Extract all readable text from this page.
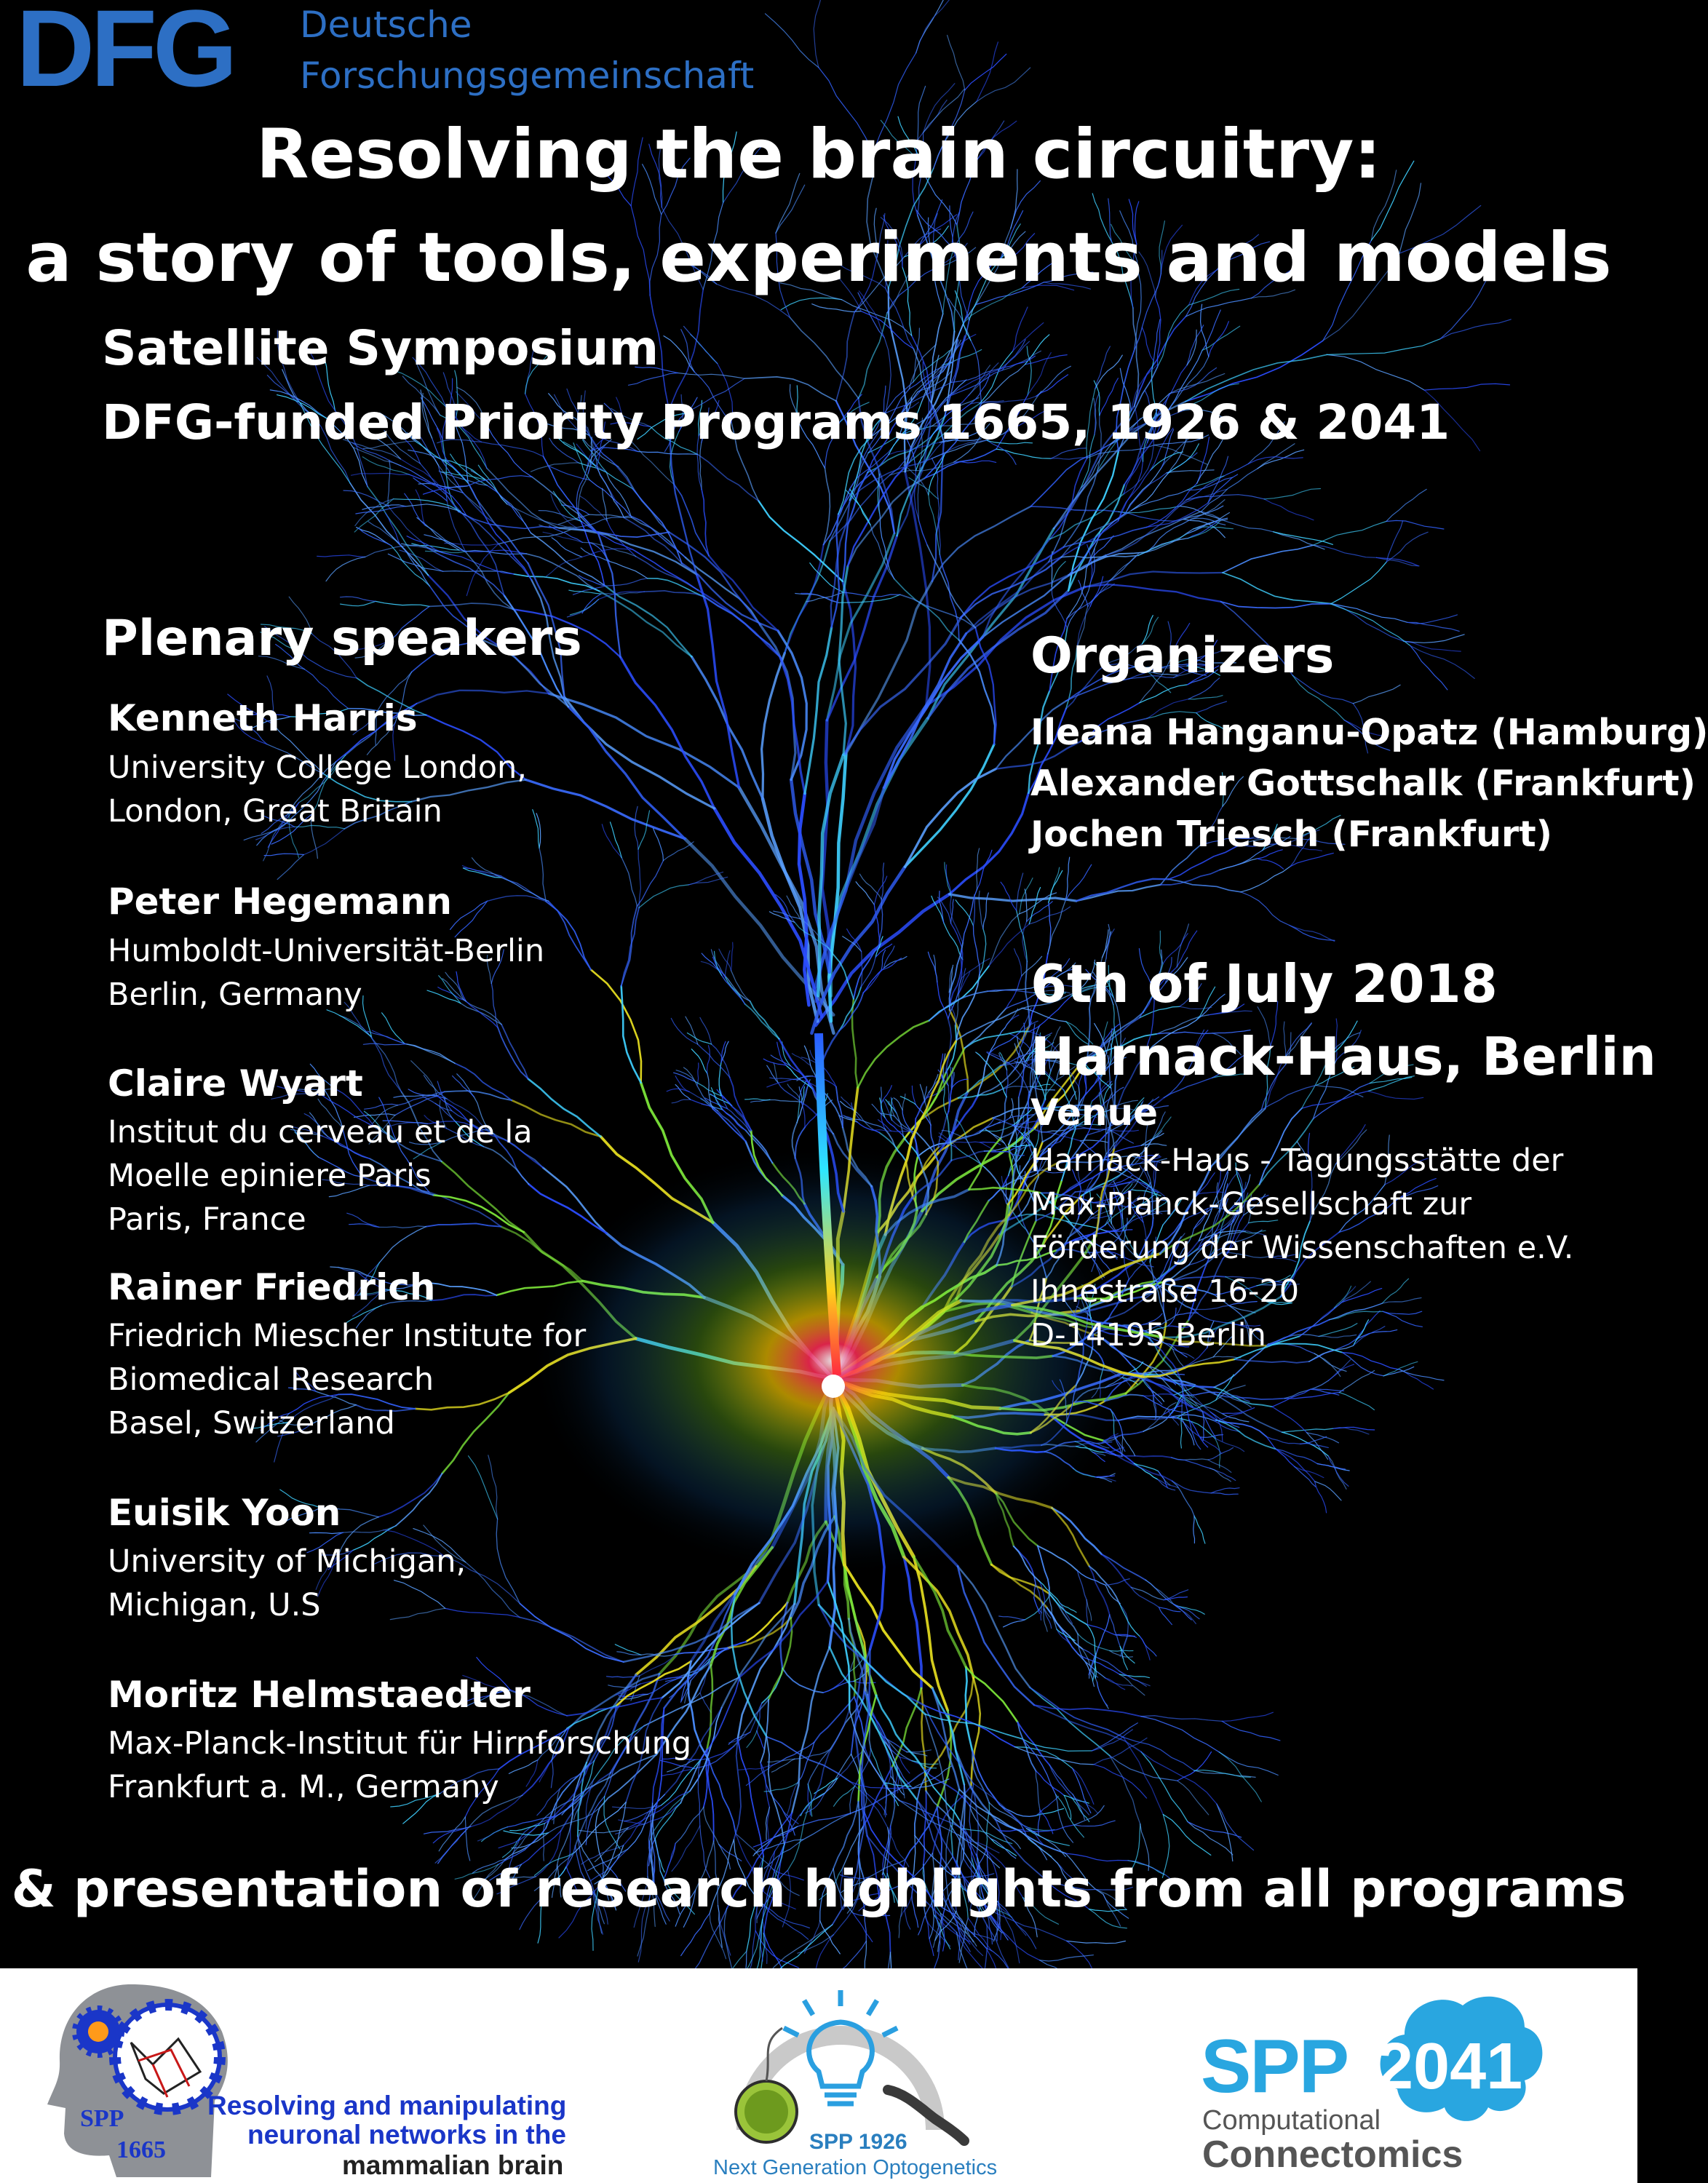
DFG Deutsche
Forschungsgemeinschaft
Resolving the brain circuitry:
a story of tools, experiments and models
Satellite Symposium
DFG-funded Priority Programs 1665, 1926 & 2041
Plenary speakers
Kenneth Harris
University College London,
London, Great Britain
Peter Hegemann
Humboldt-Universität-Berlin
Berlin, Germany
Claire Wyart
Institut du cerveau et de la
Moelle epiniere Paris
Paris, France
Rainer Friedrich
Friedrich Miescher Institute for
Biomedical Research
Basel, Switzerland
Euisik Yoon
University of Michigan,
Michigan, U.S
Moritz Helmstaedter
Max-Planck-Institut für Hirnforschung
Frankfurt a. M., Germany
Organizers
Ileana Hanganu-Opatz (Hamburg)
Alexander Gottschalk (Frankfurt)
Jochen Triesch (Frankfurt)
6th of July 2018
Harnack-Haus, Berlin
Venue
Harnack-Haus - Tagungsstätte der
Max-Planck-Gesellschaft zur
Förderung der Wissenschaften e.V.
Ihnestraße 16-20
D-14195 Berlin
& presentation of research highlights from all programs
SPP
1665
Resolving and manipulating
neuronal networks in the
mammalian brain
SPP 1926
Next Generation Optogenetics
SPP 2041
Computational
Connectomics
